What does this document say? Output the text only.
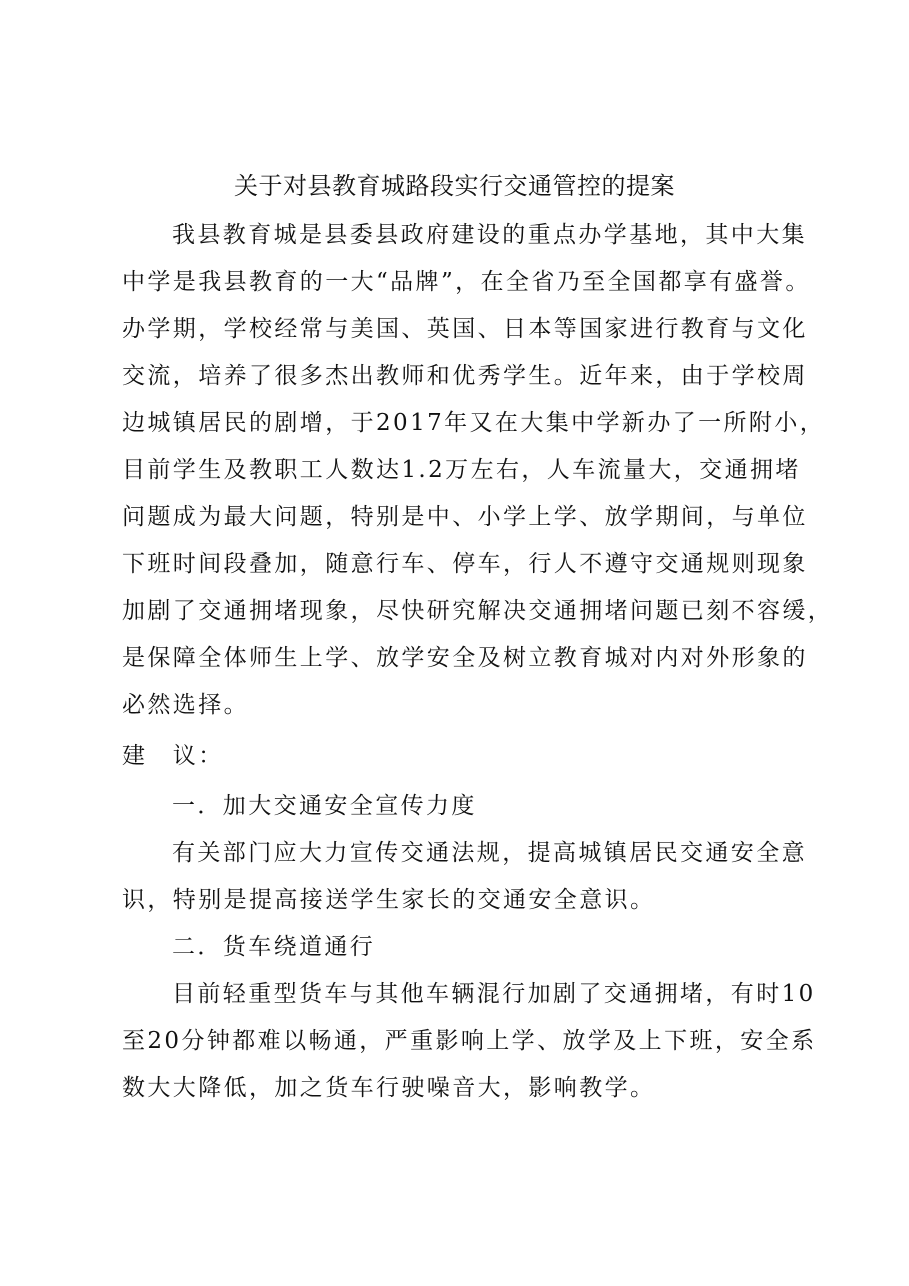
关于对县教育城路段实行交通管控的提案
我县教育城是县委县政府建设的重点办学基地，其中大集
中学是我县教育的一大“品牌”，在全省乃至全国都享有盛誉。
办学期，学校经常与美国、英国、日本等国家进行教育与文化
交流，培养了很多杰出教师和优秀学生。近年来，由于学校周
边城镇居民的剧增，于2017年又在大集中学新办了一所附小，
目前学生及教职工人数达1.2万左右，人车流量大，交通拥堵
问题成为最大问题，特别是中、小学上学、放学期间，与单位
下班时间段叠加，随意行车、停车，行人不遵守交通规则现象
加剧了交通拥堵现象，尽快研究解决交通拥堵问题已刻不容缓，
是保障全体师生上学、放学安全及树立教育城对内对外形象的
必然选择。
建　议：
一．加大交通安全宣传力度
有关部门应大力宣传交通法规，提高城镇居民交通安全意
识，特别是提高接送学生家长的交通安全意识。
二．货车绕道通行
目前轻重型货车与其他车辆混行加剧了交通拥堵，有时10
至20分钟都难以畅通，严重影响上学、放学及上下班，安全系
数大大降低，加之货车行驶噪音大，影响教学。
